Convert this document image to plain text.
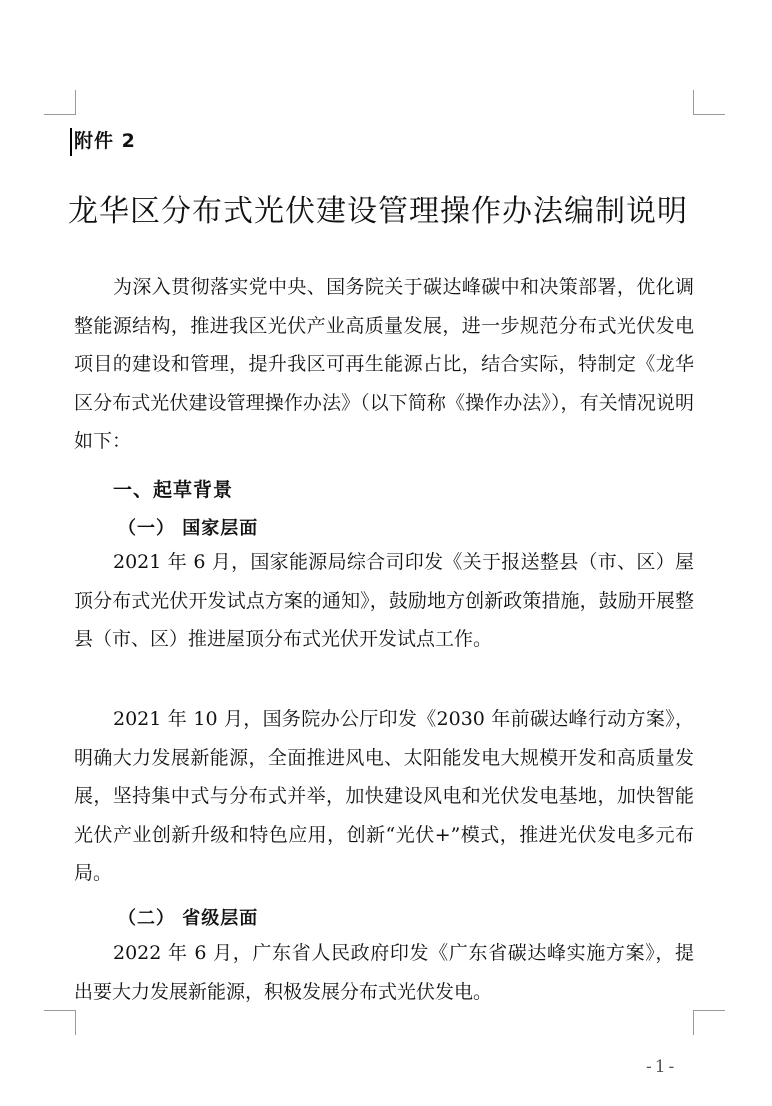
附件 2
龙华区分布式光伏建设管理操作办法编制说明
为深入贯彻落实党中央、国务院关于碳达峰碳中和决策部署，优化调整能源结构，推进我区光伏产业高质量发展，进一步规范分布式光伏发电项目的建设和管理，提升我区可再生能源占比，结合实际，特制定《龙华区分布式光伏建设管理操作办法》（以下简称《操作办法》），有关情况说明如下：
一、起草背景
（一） 国家层面
2021 年 6 月，国家能源局综合司印发《关于报送整县（市、区）屋顶分布式光伏开发试点方案的通知》，鼓励地方创新政策措施，鼓励开展整县（市、区）推进屋顶分布式光伏开发试点工作。
2021 年 10 月，国务院办公厅印发《2030 年前碳达峰行动方案》，明确大力发展新能源，全面推进风电、太阳能发电大规模开发和高质量发展，坚持集中式与分布式并举，加快建设风电和光伏发电基地，加快智能光伏产业创新升级和特色应用，创新“光伏+”模式，推进光伏发电多元布局。
（二） 省级层面
2022 年 6 月，广东省人民政府印发《广东省碳达峰实施方案》，提出要大力发展新能源，积极发展分布式光伏发电。
-1-
